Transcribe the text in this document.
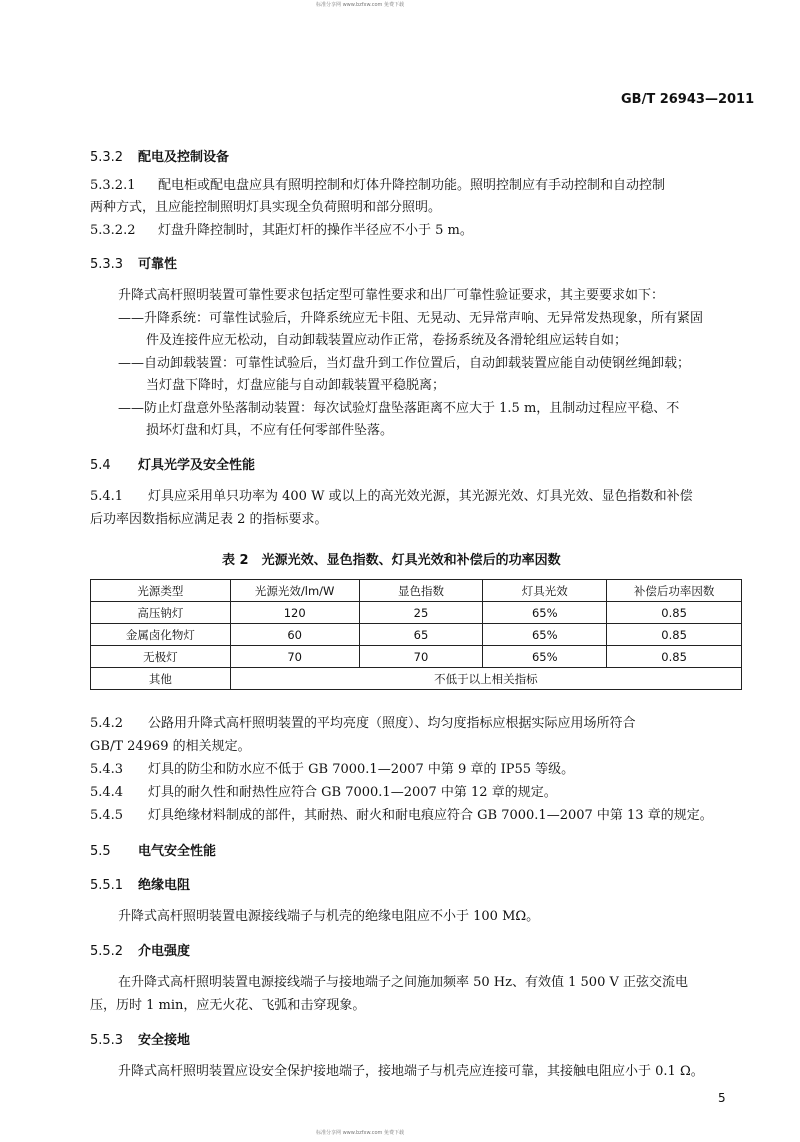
标准分享网 www.bzfxw.com 免费下载
标准分享网 www.bzfxw.com 免费下载
GB/T 26943—2011
5.3.2 配电及控制设备
5.3.2.1 配电柜或配电盘应具有照明控制和灯体升降控制功能。照明控制应有手动控制和自动控制
两种方式，且应能控制照明灯具实现全负荷照明和部分照明。
5.3.2.2 灯盘升降控制时，其距灯杆的操作半径应不小于 5 m。
5.3.3 可靠性
升降式高杆照明装置可靠性要求包括定型可靠性要求和出厂可靠性验证要求，其主要要求如下：
——升降系统：可靠性试验后，升降系统应无卡阻、无晃动、无异常声响、无异常发热现象，所有紧固
件及连接件应无松动，自动卸载装置应动作正常，卷扬系统及各滑轮组应运转自如；
——自动卸载装置：可靠性试验后，当灯盘升到工作位置后，自动卸载装置应能自动使钢丝绳卸载；
当灯盘下降时，灯盘应能与自动卸载装置平稳脱离；
——防止灯盘意外坠落制动装置：每次试验灯盘坠落距离不应大于 1.5 m，且制动过程应平稳、不
损坏灯盘和灯具，不应有任何零部件坠落。
5.4 灯具光学及安全性能
5.4.1 灯具应采用单只功率为 400 W 或以上的高光效光源，其光源光效、灯具光效、显色指数和补偿
后功率因数指标应满足表 2 的指标要求。
表 2　光源光效、显色指数、灯具光效和补偿后的功率因数
光源类型	光源光效/lm/W	显色指数	灯具光效	补偿后功率因数
高压钠灯	120	25	65%	0.85
金属卤化物灯	60	65	65%	0.85
无极灯	70	70	65%	0.85
其他	不低于以上相关指标			
5.4.2 公路用升降式高杆照明装置的平均亮度（照度）、均匀度指标应根据实际应用场所符合
GB/T 24969 的相关规定。
5.4.3 灯具的防尘和防水应不低于 GB 7000.1—2007 中第 9 章的 IP55 等级。
5.4.4 灯具的耐久性和耐热性应符合 GB 7000.1—2007 中第 12 章的规定。
5.4.5 灯具绝缘材料制成的部件，其耐热、耐火和耐电痕应符合 GB 7000.1—2007 中第 13 章的规定。
5.5 电气安全性能
5.5.1 绝缘电阻
升降式高杆照明装置电源接线端子与机壳的绝缘电阻应不小于 100 MΩ。
5.5.2 介电强度
在升降式高杆照明装置电源接线端子与接地端子之间施加频率 50 Hz、有效值 1 500 V 正弦交流电
压，历时 1 min，应无火花、飞弧和击穿现象。
5.5.3 安全接地
升降式高杆照明装置应设安全保护接地端子，接地端子与机壳应连接可靠，其接触电阻应小于 0.1 Ω。
5
